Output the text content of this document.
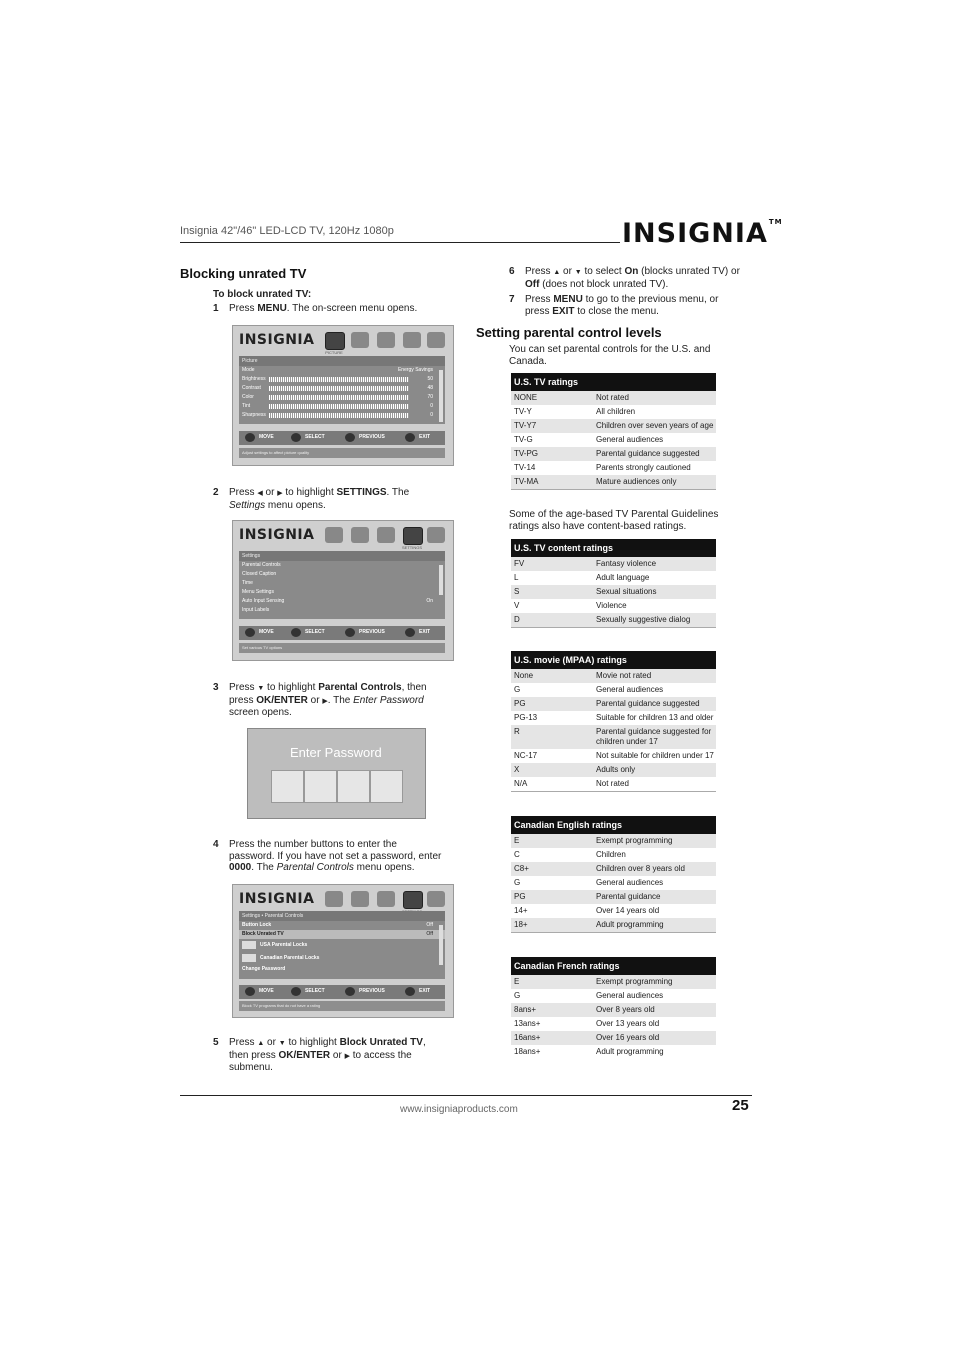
Insignia 42"/46" LED-LCD TV, 120Hz 1080p	INSIGNIA™
Blocking unrated TV
To block unrated TV:
1 Press MENU. The on-screen menu opens.
INSIGNIA
PICTURE
Picture
Mode	Energy Savings
Brightness	50
Contrast	48
Color	70
Tint	0
Sharpness	0
MOVE	SELECT	PREVIOUS	EXIT
Adjust settings to affect picture quality
2 Press ◀ or ▶ to highlight SETTINGS. The
Settings menu opens.
INSIGNIA
SETTINGS
Settings
Parental Controls
Closed Caption
Time
Menu Settings
Auto Input Sensing	On
Input Labels
MOVE	SELECT	PREVIOUS	EXIT
Set various TV options
3 Press ▼ to highlight Parental Controls, then
press OK/ENTER or ▶. The Enter Password
screen opens.
Enter Password
4 Press the number buttons to enter the
password. If you have not set a password, enter
0000. The Parental Controls menu opens.
INSIGNIA
Settings • Parental Controls
Button Lock	Off
Block Unrated TV	Off
USA Parental Locks
Canadian Parental Locks
Change Password
MOVE	SELECT	PREVIOUS	EXIT
Block TV programs that do not have a rating
5 Press ▲ or ▼ to highlight Block Unrated TV,
then press OK/ENTER or ▶ to access the
submenu.
6 Press ▲ or ▼ to select On (blocks unrated TV) or
Off (does not block unrated TV).
7 Press MENU to go to the previous menu, or
press EXIT to close the menu.
Setting parental control levels
You can set parental controls for the U.S. and
Canada.
U.S. TV ratings
NONE	Not rated
TV-Y	All children
TV-Y7	Children over seven years of age
TV-G	General audiences
TV-PG	Parental guidance suggested
TV-14	Parents strongly cautioned
TV-MA	Mature audiences only
Some of the age-based TV Parental Guidelines
ratings also have content-based ratings.
U.S. TV content ratings
FV	Fantasy violence
L	Adult language
S	Sexual situations
V	Violence
D	Sexually suggestive dialog
U.S. movie (MPAA) ratings
None	Movie not rated
G	General audiences
PG	Parental guidance suggested
PG-13	Suitable for children 13 and older
R	Parental guidance suggested for children under 17
NC-17	Not suitable for children under 17
X	Adults only
N/A	Not rated
Canadian English ratings
E	Exempt programming
C	Children
C8+	Children over 8 years old
G	General audiences
PG	Parental guidance
14+	Over 14 years old
18+	Adult programming
Canadian French ratings
E	Exempt programming
G	General audiences
8ans+	Over 8 years old
13ans+	Over 13 years old
16ans+	Over 16 years old
18ans+	Adult programming
www.insigniaproducts.com	25
